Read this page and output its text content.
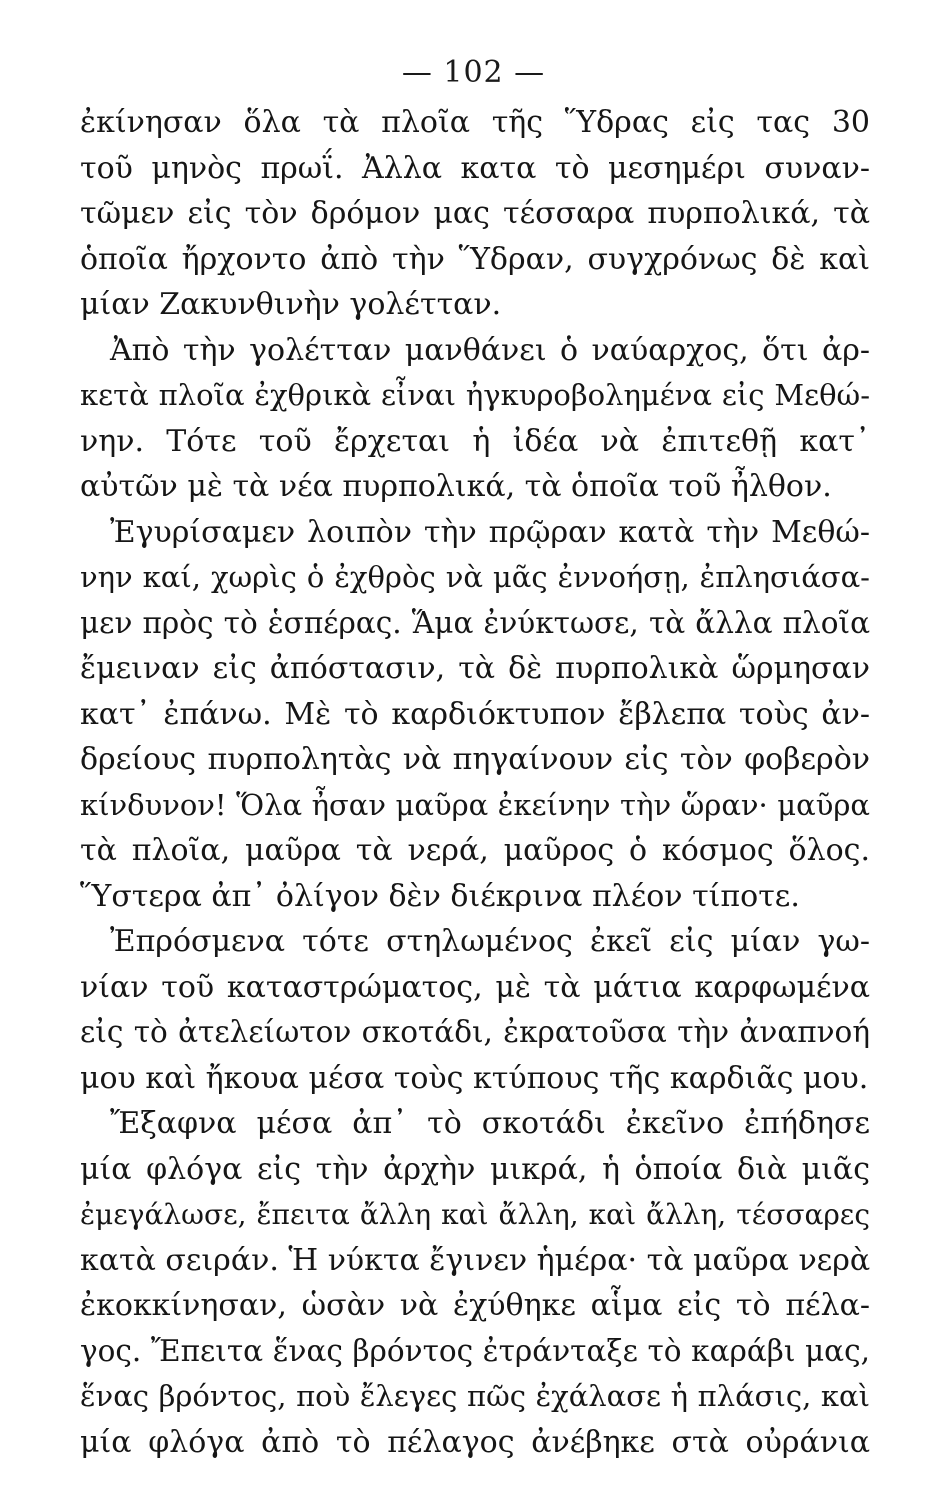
— 102 —
ἐκίνησαν ὅλα τὰ πλοῖα τῆς Ὕδρας εἰς τας 30
τοῦ μηνὸς πρωΐ. Ἀλλα κατα τὸ μεσημέρι συναν-
τῶμεν εἰς τὸν δρόμον μας τέσσαρα πυρπολικά, τὰ
ὁποῖα ἤρχοντο ἀπὸ τὴν Ὕδραν, συγχρόνως δὲ καὶ
μίαν Ζακυνθινὴν γολέτταν.
Ἀπὸ τὴν γολέτταν μανθάνει ὁ ναύαρχος, ὅτι ἀρ-
κετὰ πλοῖα ἐχθρικὰ εἶναι ἠγκυροβολημένα εἰς Μεθώ-
νην. Τότε τοῦ ἔρχεται ἡ ἰδέα νὰ ἐπιτεθῇ κατ᾽
αὐτῶν μὲ τὰ νέα πυρπολικά, τὰ ὁποῖα τοῦ ἦλθον.
Ἐγυρίσαμεν λοιπὸν τὴν πρῷραν κατὰ τὴν Μεθώ-
νην καί, χωρὶς ὁ ἐχθρὸς νὰ μᾶς ἐννοήσῃ, ἐπλησιάσα-
μεν πρὸς τὸ ἑσπέρας. Ἅμα ἐνύκτωσε, τὰ ἄλλα πλοῖα
ἔμειναν εἰς ἀπόστασιν, τὰ δὲ πυρπολικὰ ὥρμησαν
κατ᾽ ἐπάνω. Μὲ τὸ καρδιόκτυπον ἔβλεπα τοὺς ἀν-
δρείους πυρπολητὰς νὰ πηγαίνουν εἰς τὸν φοβερὸν
κίνδυνον! Ὅλα ἦσαν μαῦρα ἐκείνην τὴν ὥραν· μαῦρα
τὰ πλοῖα, μαῦρα τὰ νερά, μαῦρος ὁ κόσμος ὅλος.
Ὕστερα ἀπ᾽ ὀλίγον δὲν διέκρινα πλέον τίποτε.
Ἐπρόσμενα τότε στηλωμένος ἐκεῖ εἰς μίαν γω-
νίαν τοῦ καταστρώματος, μὲ τὰ μάτια καρφωμένα
εἰς τὸ ἀτελείωτον σκοτάδι, ἐκρατοῦσα τὴν ἀναπνοή
μου καὶ ἤκουα μέσα τοὺς κτύπους τῆς καρδιᾶς μου.
Ἔξαφνα μέσα ἀπ᾽ τὸ σκοτάδι ἐκεῖνο ἐπήδησε
μία φλόγα εἰς τὴν ἀρχὴν μικρά, ἡ ὁποία διὰ μιᾶς
ἐμεγάλωσε, ἔπειτα ἄλλη καὶ ἄλλη, καὶ ἄλλη, τέσσαρες
κατὰ σειράν. Ἡ νύκτα ἔγινεν ἡμέρα· τὰ μαῦρα νερὰ
ἐκοκκίνησαν, ὡσὰν νὰ ἐχύθηκε αἷμα εἰς τὸ πέλα-
γος. Ἔπειτα ἕνας βρόντος ἐτράνταξε τὸ καράβι μας,
ἕνας βρόντος, ποὺ ἔλεγες πῶς ἐχάλασε ἡ πλάσις, καὶ
μία φλόγα ἀπὸ τὸ πέλαγος ἀνέβηκε στὰ οὐράνια
